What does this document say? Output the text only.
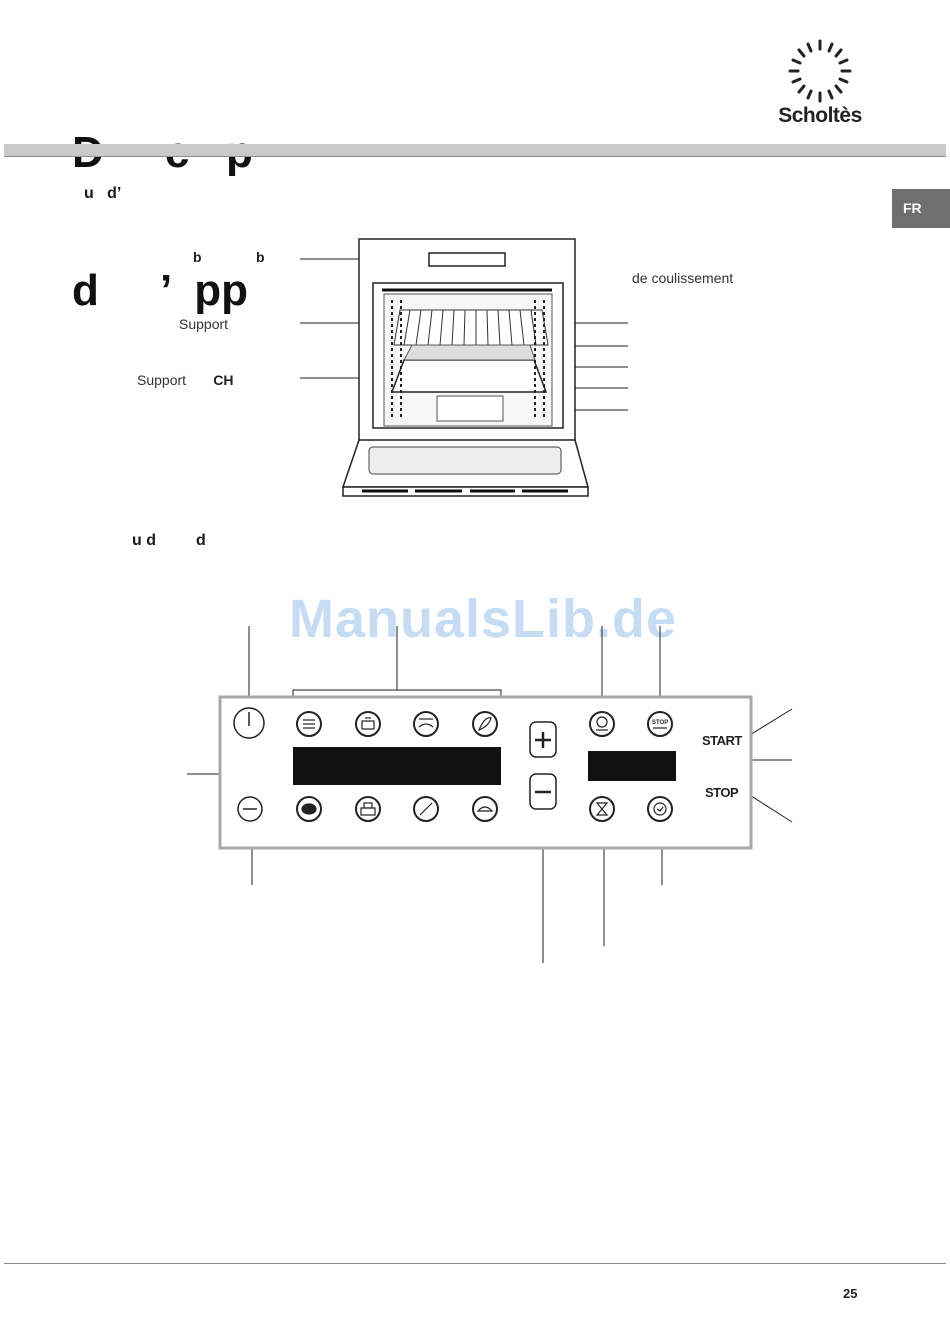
d     ’  pp

Scholtès
FR
u   d’
b              b
Support
Support CH
de coulissement
u d         d
ManualsLib.de
STOP
START
STOP
25
